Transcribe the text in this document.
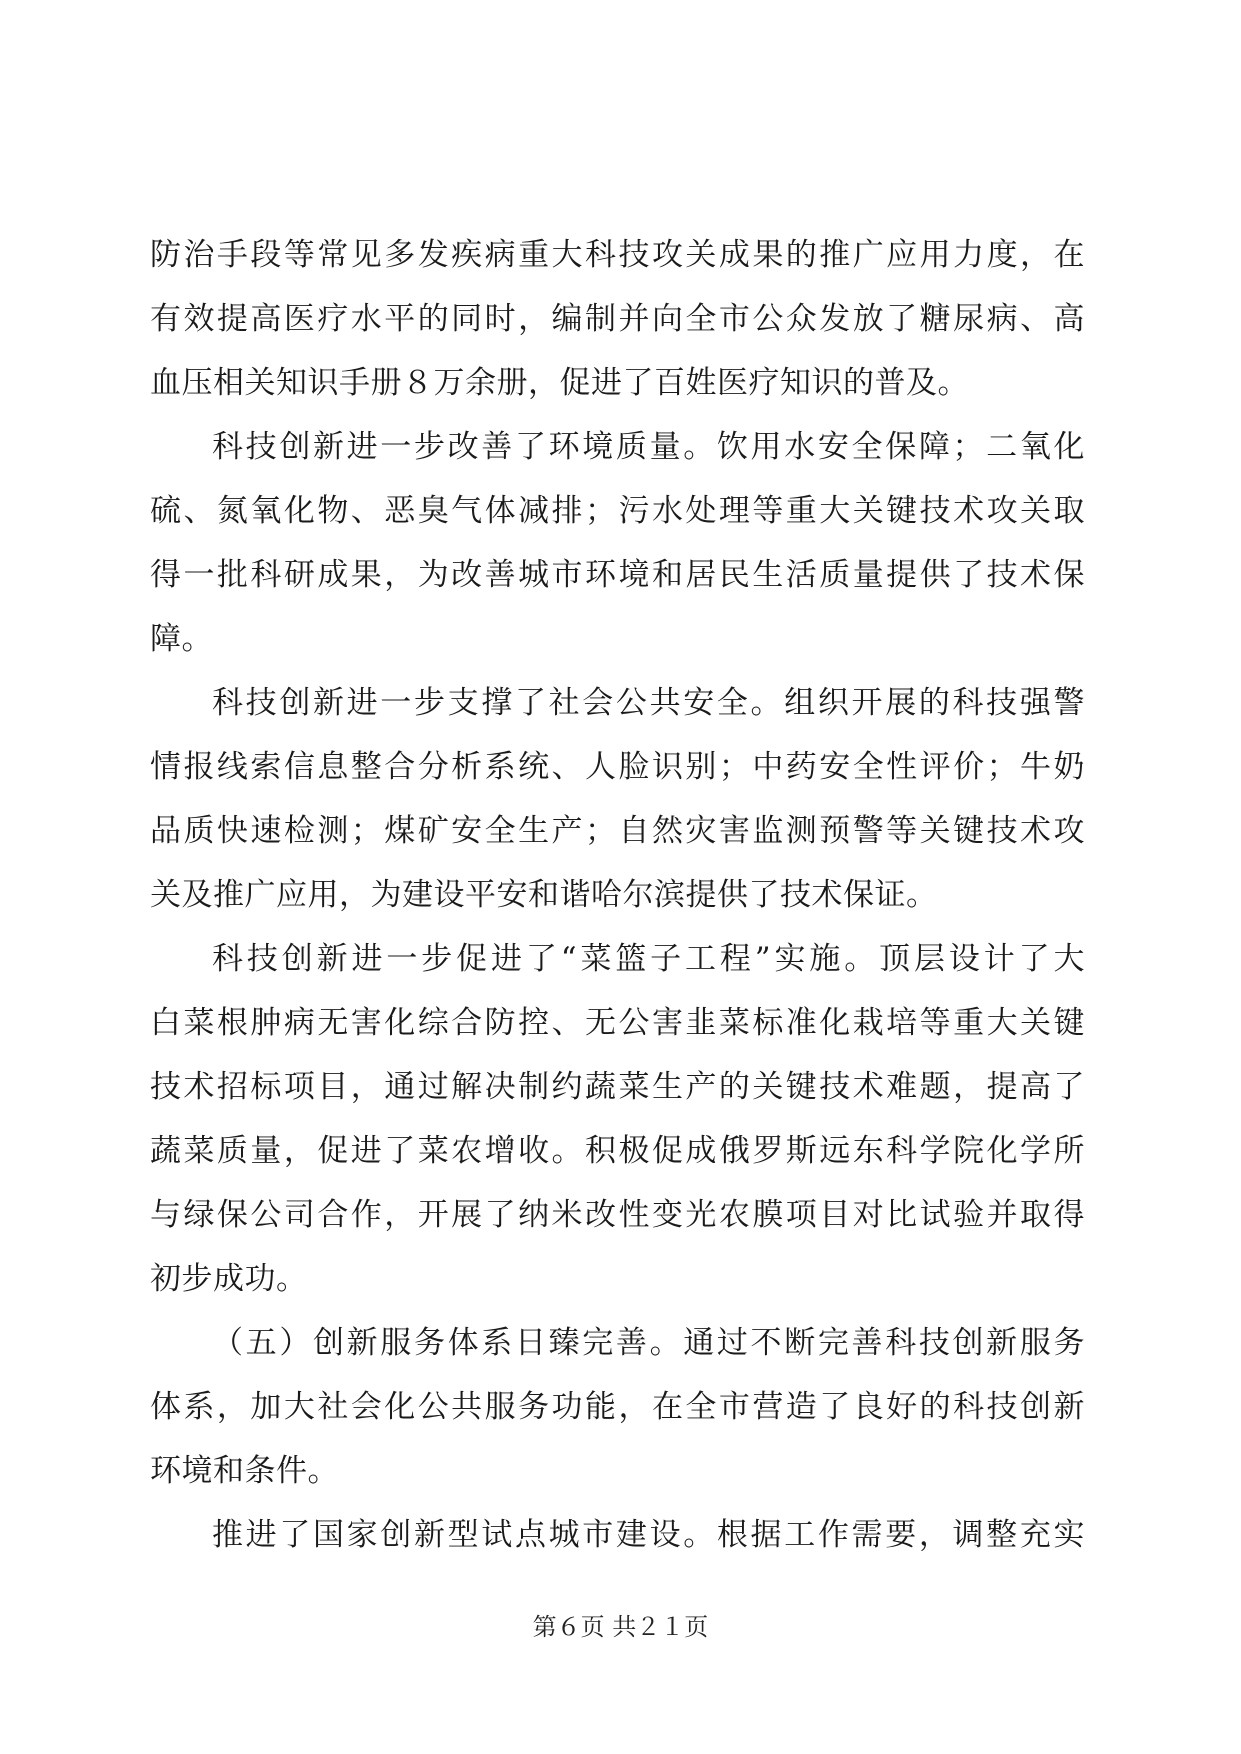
防治手段等常见多发疾病重大科技攻关成果的推广应用力度，在
有效提高医疗水平的同时，编制并向全市公众发放了糖尿病、高
血压相关知识手册８万余册，促进了百姓医疗知识的普及。
科技创新进一步改善了环境质量。饮用水安全保障；二氧化
硫、氮氧化物、恶臭气体减排；污水处理等重大关键技术攻关取
得一批科研成果，为改善城市环境和居民生活质量提供了技术保
障。
科技创新进一步支撑了社会公共安全。组织开展的科技强警
情报线索信息整合分析系统、人脸识别；中药安全性评价；牛奶
品质快速检测；煤矿安全生产；自然灾害监测预警等关键技术攻
关及推广应用，为建设平安和谐哈尔滨提供了技术保证。
科技创新进一步促进了“菜篮子工程”实施。顶层设计了大
白菜根肿病无害化综合防控、无公害韭菜标准化栽培等重大关键
技术招标项目，通过解决制约蔬菜生产的关键技术难题，提高了
蔬菜质量，促进了菜农增收。积极促成俄罗斯远东科学院化学所
与绿保公司合作，开展了纳米改性变光农膜项目对比试验并取得
初步成功。
（五）创新服务体系日臻完善。通过不断完善科技创新服务
体系，加大社会化公共服务功能，在全市营造了良好的科技创新
环境和条件。
推进了国家创新型试点城市建设。根据工作需要，调整充实
第６页 共２１页
